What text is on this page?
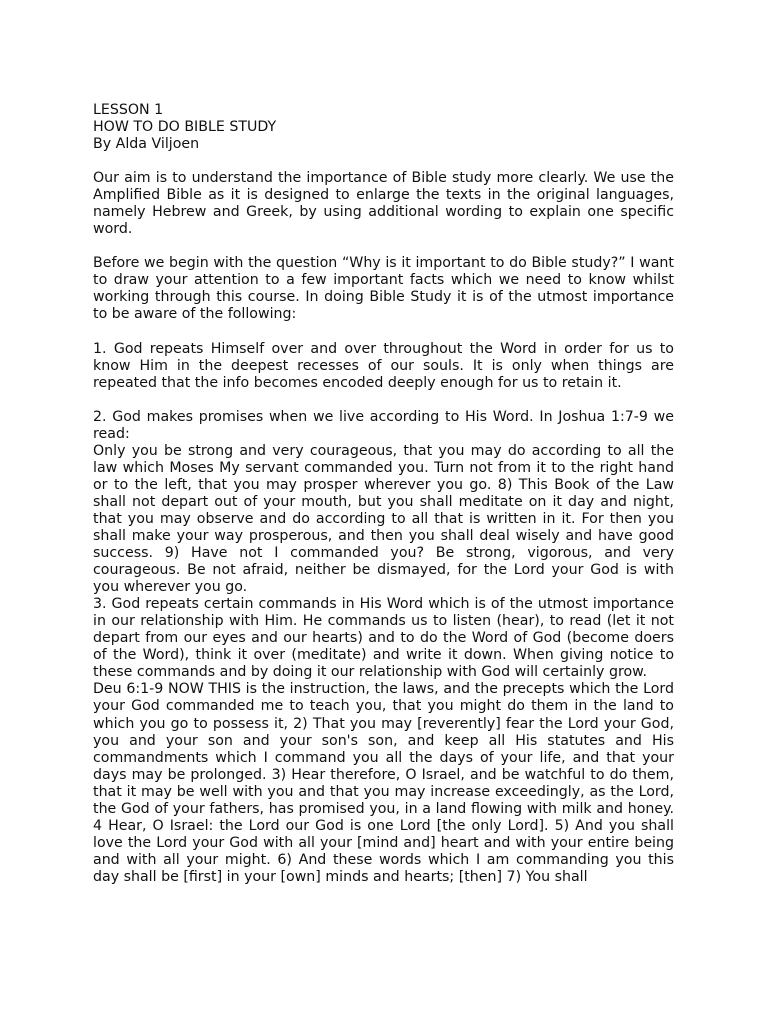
LESSON 1
HOW TO DO BIBLE STUDY
By Alda Viljoen

Our aim is to understand the importance of Bible study more clearly. We use the Amplified Bible as it is designed to enlarge the texts in the original languages, namely Hebrew and Greek, by using additional wording to explain one specific word.

Before we begin with the question “Why is it important to do Bible study?” I want to draw your attention to a few important facts which we need to know whilst working through this course. In doing Bible Study it is of the utmost importance to be aware of the following:

1. God repeats Himself over and over throughout the Word in order for us to know Him in the deepest recesses of our souls. It is only when things are repeated that the info becomes encoded deeply enough for us to retain it.

2. God makes promises when we live according to His Word. In Joshua 1:7-9 we read:

Only you be strong and very courageous, that you may do according to all the law which Moses My servant commanded you. Turn not from it to the right hand or to the left, that you may prosper wherever you go. 8) This Book of the Law shall not depart out of your mouth, but you shall meditate on it day and night, that you may observe and do according to all that is written in it. For then you shall make your way prosperous, and then you shall deal wisely and have good success. 9) Have not I commanded you? Be strong, vigorous, and very courageous. Be not afraid, neither be dismayed, for the Lord your God is with you wherever you go.

3. God repeats certain commands in His Word which is of the utmost importance in our relationship with Him. He commands us to listen (hear), to read (let it not depart from our eyes and our hearts) and to do the Word of God (become doers of the Word), think it over (meditate) and write it down. When giving notice to these commands and by doing it our relationship with God will certainly grow.

Deu 6:1-9 NOW THIS is the instruction, the laws, and the precepts which the Lord your God commanded me to teach you, that you might do them in the land to which you go to possess it, 2) That you may [reverently] fear the Lord your God, you and your son and your son's son, and keep all His statutes and His commandments which I command you all the days of your life, and that your days may be prolonged. 3) Hear therefore, O Israel, and be watchful to do them, that it may be well with you and that you may increase exceedingly, as the Lord, the God of your fathers, has promised you, in a land flowing with milk and honey. 4 Hear, O Israel: the Lord our God is one Lord [the only Lord]. 5) And you shall love the Lord your God with all your [mind and] heart and with your entire being and with all your might. 6) And these words which I am commanding you this day shall be [first] in your [own] minds and hearts; [then] 7) You shall
